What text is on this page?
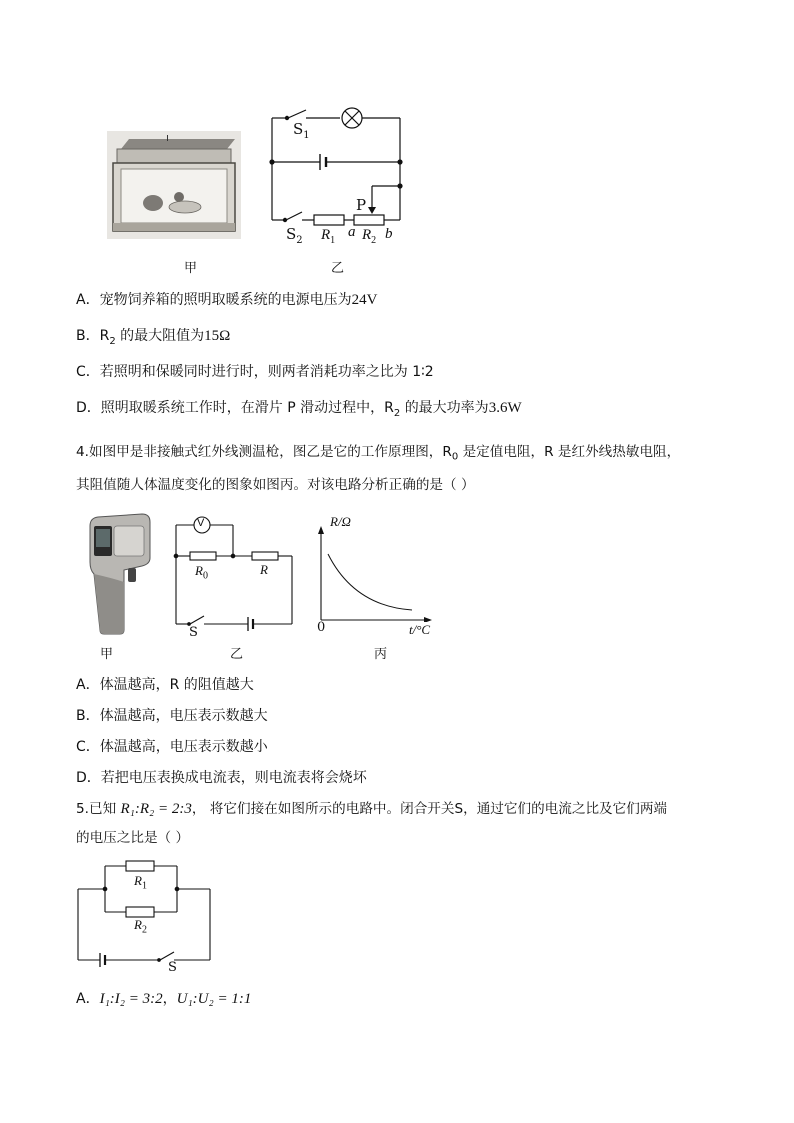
甲
$S_1$
P
$S_2$ $R_1$
a $R_2$ b
乙
A．宠物饲养箱的照明取暖系统的电源电压为24V
B．$R_2$ 的最大阻值为15Ω
C．若照明和保暖同时进行时，则两者消耗功率之比为 1∶2
D．照明取暖系统工作时，在滑片 P 滑动过程中，$R_2$ 的最大功率为3.6W
4.如图甲是非接触式红外线测温枪，图乙是它的工作原理图，$R_0$ 是定值电阻，R 是红外线热敏电阻，
其阻值随人体温度变化的图象如图丙。对该电路分析正确的是（ ）
甲
V
$R_0$	R
S
乙
R/Ω
0	t/°C
丙
A．体温越高，R 的阻值越大
B．体温越高，电压表示数越大
C．体温越高，电压表示数越小
D．若把电压表换成电流表，则电流表将会烧坏
5.已知 R₁:R₂ = 2:3， 将它们接在如图所示的电路中。闭合开关S，通过它们的电流之比及它们两端
的电压之比是（ ）
$R_1$
$R_2$
S
A．I₁:I₂ = 3:2，U₁:U₂ = 1:1
